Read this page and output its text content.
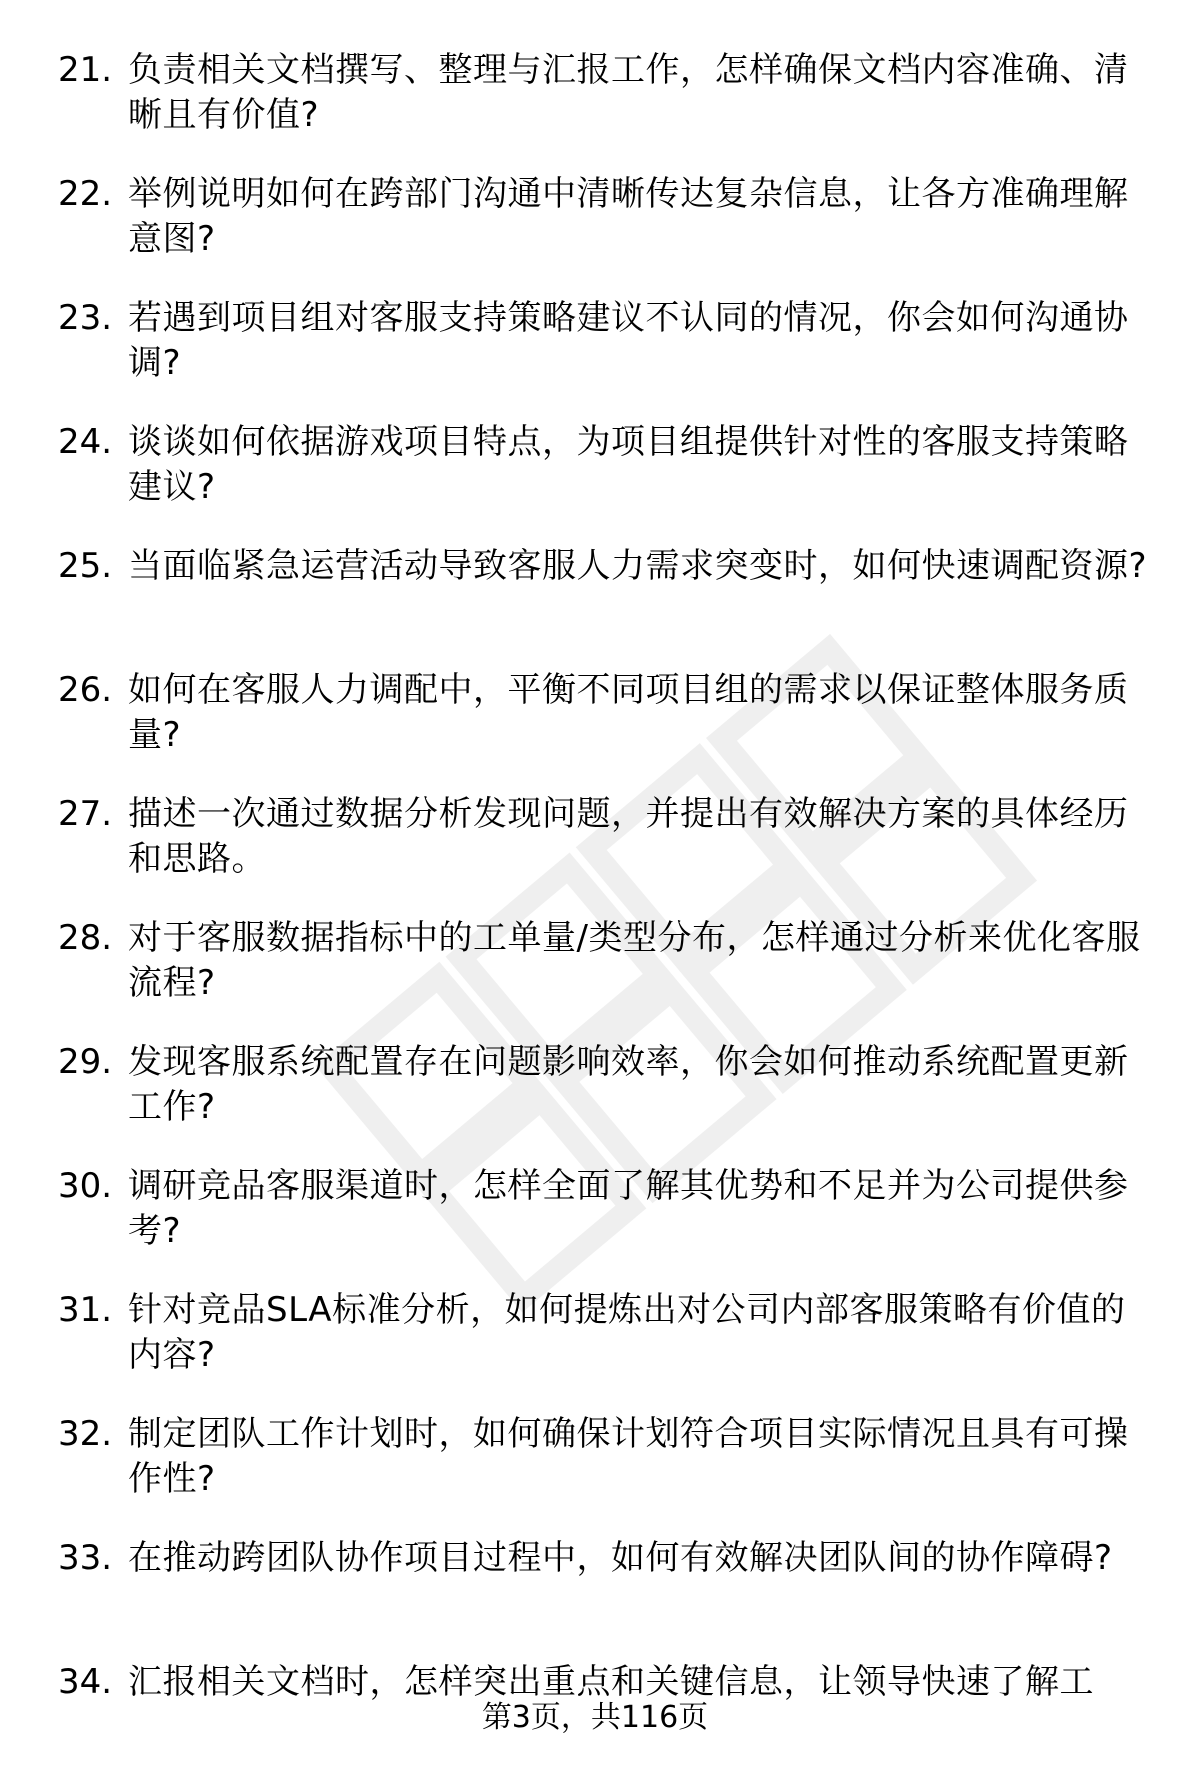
21. 负责相关文档撰写、整理与汇报工作，怎样确保文档内容准确、清晰且有价值?
22. 举例说明如何在跨部门沟通中清晰传达复杂信息，让各方准确理解意图?
23. 若遇到项目组对客服支持策略建议不认同的情况，你会如何沟通协调?
24. 谈谈如何依据游戏项目特点，为项目组提供针对性的客服支持策略建议?
25. 当面临紧急运营活动导致客服人力需求突变时，如何快速调配资源?
26. 如何在客服人力调配中，平衡不同项目组的需求以保证整体服务质量?
27. 描述一次通过数据分析发现问题，并提出有效解决方案的具体经历和思路。
28. 对于客服数据指标中的工单量/类型分布，怎样通过分析来优化客服流程?
29. 发现客服系统配置存在问题影响效率，你会如何推动系统配置更新工作?
30. 调研竞品客服渠道时，怎样全面了解其优势和不足并为公司提供参考?
31. 针对竞品SLA标准分析，如何提炼出对公司内部客服策略有价值的内容?
32. 制定团队工作计划时，如何确保计划符合项目实际情况且具有可操作性?
33. 在推动跨团队协作项目过程中，如何有效解决团队间的协作障碍?
34. 汇报相关文档时，怎样突出重点和关键信息，让领导快速了解工
第3页，共116页
